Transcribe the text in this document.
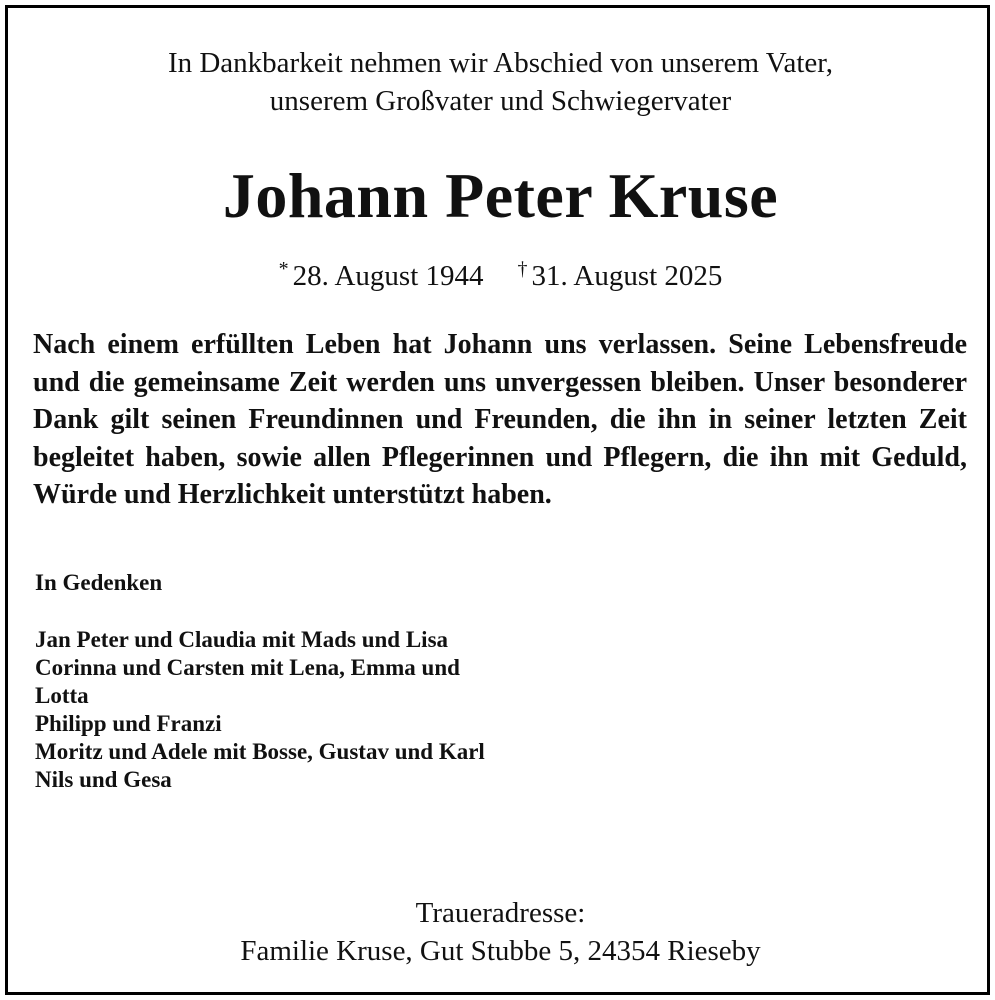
In Dankbarkeit nehmen wir Abschied von unserem Vater,
unserem Großvater und Schwiegervater
Johann Peter Kruse
* 28. August 1944 † 31. August 2025
Nach einem erfüllten Leben hat Johann uns verlassen. Seine Lebensfreude und die gemeinsame Zeit werden uns unvergessen bleiben. Unser besonderer Dank gilt seinen Freundinnen und Freunden, die ihn in seiner letzten Zeit begleitet haben, sowie allen Pflegerinnen und Pflegern, die ihn mit Geduld, Würde und Herzlichkeit unterstützt haben.
In Gedenken
Jan Peter und Claudia mit Mads und Lisa
Corinna und Carsten mit Lena, Emma und Lotta
Philipp und Franzi
Moritz und Adele mit Bosse, Gustav und Karl
Nils und Gesa
Traueradresse:
Familie Kruse, Gut Stubbe 5, 24354 Rieseby
